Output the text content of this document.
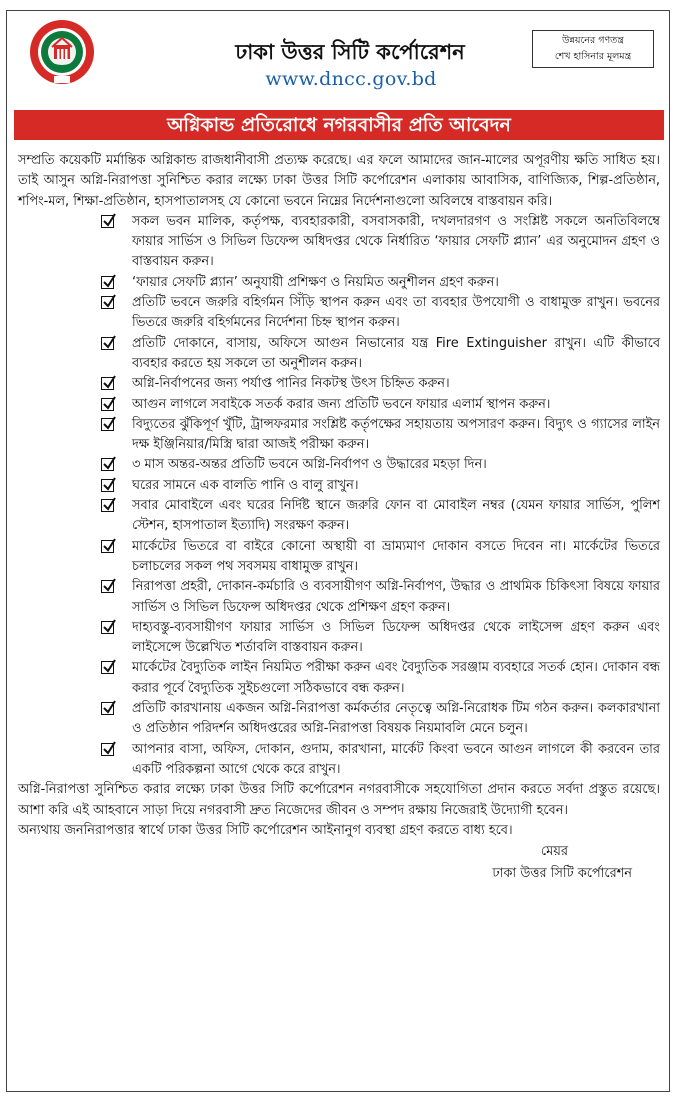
ঢাকা উত্তর সিটি কর্পোরেশন
www.dncc.gov.bd
উন্নয়নের গণতন্ত্র
শেখ হাসিনার মূলমন্ত্র
অগ্নিকান্ড প্রতিরোধে নগরবাসীর প্রতি আবেদন

সম্প্রতি কয়েকটি মর্মান্তিক অগ্নিকান্ড রাজধানীবাসী প্রত্যক্ষ করেছে। এর ফলে আমাদের জান-মালের অপূরণীয় ক্ষতি সাধিত হয়। তাই আসুন অগ্নি-নিরাপত্তা সুনিশ্চিত করার লক্ষ্যে ঢাকা উত্তর সিটি কর্পোরেশন এলাকায় আবাসিক, বাণিজ্যিক, শিল্প-প্রতিষ্ঠান, শপিং-মল, শিক্ষা-প্রতিষ্ঠান, হাসপাতালসহ যে কোনো ভবনে নিম্নের নির্দেশনাগুলো অবিলম্বে বাস্তবায়ন করি।

সকল ভবন মালিক, কর্তৃপক্ষ, ব্যবহারকারী, বসবাসকারী, দখলদারগণ ও সংশ্লিষ্ট সকলে অনতিবিলম্বে ফায়ার সার্ভিস ও সিভিল ডিফেন্স অধিদপ্তর থেকে নির্ধারিত ‘ফায়ার সেফটি প্ল্যান’ এর অনুমোদন গ্রহণ ও বাস্তবায়ন করুন।
‘ফায়ার সেফটি প্ল্যান’ অনুযায়ী প্রশিক্ষণ ও নিয়মিত অনুশীলন গ্রহণ করুন।
প্রতিটি ভবনে জরুরি বহির্গমন সিঁড়ি স্থাপন করুন এবং তা ব্যবহার উপযোগী ও বাধামুক্ত রাখুন। ভবনের ভিতরে জরুরি বহির্গমনের নির্দেশনা চিহ্ন স্থাপন করুন।
প্রতিটি দোকানে, বাসায়, অফিসে আগুন নিভানোর যন্ত্র Fire Extinguisher রাখুন। এটি কীভাবে ব্যবহার করতে হয় সকলে তা অনুশীলন করুন।
অগ্নি-নির্বাপনের জন্য পর্যাপ্ত পানির নিকটস্থ উৎস চিহ্নিত করুন।
আগুন লাগলে সবাইকে সতর্ক করার জন্য প্রতিটি ভবনে ফায়ার এলার্ম স্থাপন করুন।
বিদ্যুতের ঝুঁকিপূর্ণ খুঁটি, ট্রান্সফরমার সংশ্লিষ্ট কর্তৃপক্ষের সহায়তায় অপসারণ করুন। বিদ্যুৎ ও গ্যাসের লাইন দক্ষ ইঞ্জিনিয়ার/মিস্ত্রি দ্বারা আজই পরীক্ষা করুন।
৩ মাস অন্তর-অন্তর প্রতিটি ভবনে অগ্নি-নির্বাপণ ও উদ্ধারের মহড়া দিন।
ঘরের সামনে এক বালতি পানি ও বালু রাখুন।
সবার মোবাইলে এবং ঘরের নির্দিষ্ট স্থানে জরুরি ফোন বা মোবাইল নম্বর (যেমন ফায়ার সার্ভিস, পুলিশ স্টেশন, হাসপাতাল ইত্যাদি) সংরক্ষণ করুন।
মার্কেটের ভিতরে বা বাইরে কোনো অস্থায়ী বা ভ্রাম্যমাণ দোকান বসতে দিবেন না। মার্কেটের ভিতরে চলাচলের সকল পথ সবসময় বাধামুক্ত রাখুন।
নিরাপত্তা প্রহরী, দোকান-কর্মচারি ও ব্যবসায়ীগণ অগ্নি-নির্বাপণ, উদ্ধার ও প্রাথমিক চিকিৎসা বিষয়ে ফায়ার সার্ভিস ও সিভিল ডিফেন্স অধিদপ্তর থেকে প্রশিক্ষণ গ্রহণ করুন।
দাহ্যবস্তু-ব্যবসায়ীগণ ফায়ার সার্ভিস ও সিভিল ডিফেন্স অধিদপ্তর থেকে লাইসেন্স গ্রহণ করুন এবং লাইসেন্সে উল্লেখিত শর্তাবলি বাস্তবায়ন করুন।
মার্কেটের বৈদ্যুতিক লাইন নিয়মিত পরীক্ষা করুন এবং বৈদ্যুতিক সরঞ্জাম ব্যবহারে সতর্ক হোন। দোকান বন্ধ করার পূর্বে বৈদ্যুতিক সুইচগুলো সঠিকভাবে বন্ধ করুন।
প্রতিটি কারখানায় একজন অগ্নি-নিরাপত্তা কর্মকর্তার নেতৃত্বে অগ্নি-নিরোধক টিম গঠন করুন। কলকারখানা ও প্রতিষ্ঠান পরিদর্শন অধিদপ্তরের অগ্নি-নিরাপত্তা বিষয়ক নিয়মাবলি মেনে চলুন।
আপনার বাসা, অফিস, দোকান, গুদাম, কারখানা, মার্কেট কিংবা ভবনে আগুন লাগলে কী করবেন তার একটি পরিকল্পনা আগে থেকে করে রাখুন।

অগ্নি-নিরাপত্তা সুনিশ্চিত করার লক্ষ্যে ঢাকা উত্তর সিটি কর্পোরেশন নগরবাসীকে সহযোগিতা প্রদান করতে সর্বদা প্রস্তুত রয়েছে। আশা করি এই আহবানে সাড়া দিয়ে নগরবাসী দ্রুত নিজেদের জীবন ও সম্পদ রক্ষায় নিজেরাই উদ্যোগী হবেন।

অন্যথায় জননিরাপত্তার স্বার্থে ঢাকা উত্তর সিটি কর্পোরেশন আইনানুগ ব্যবস্থা গ্রহণ করতে বাধ্য হবে।

মেয়র
ঢাকা উত্তর সিটি কর্পোরেশন
